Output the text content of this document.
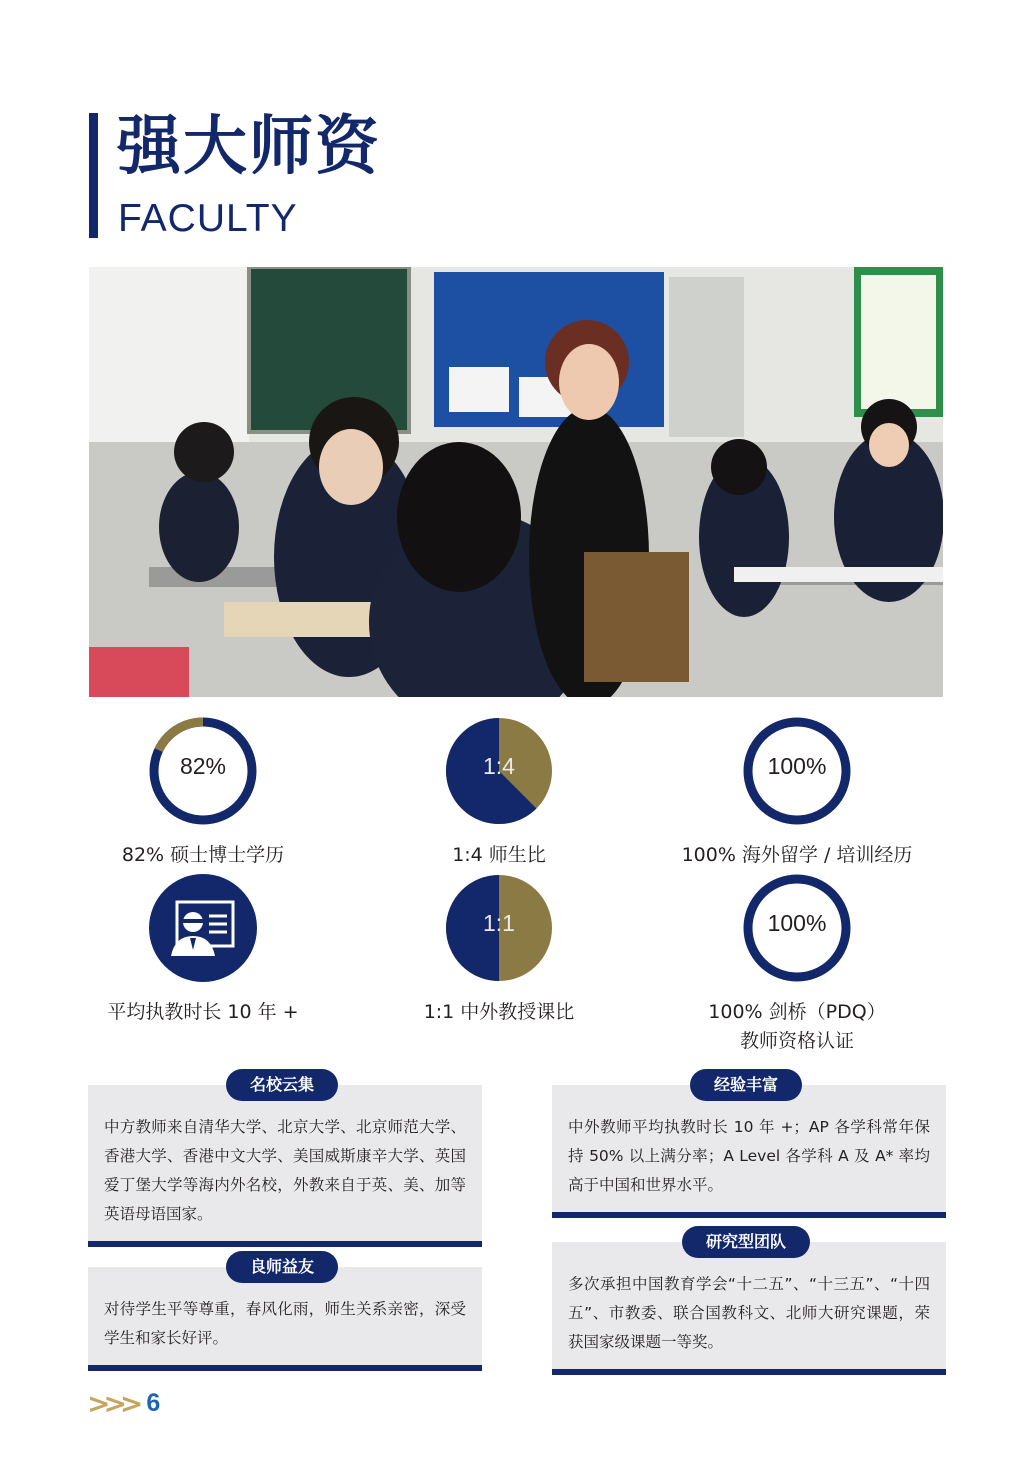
强大师资
FACULTY
82%
82% 硕士博士学历
1:4
1:4 师生比
100%
100% 海外留学 / 培训经历
平均执教时长 10 年 +
1:1
1:1 中外教授课比
100%
100% 剑桥（PDQ）
教师资格认证
名校云集
中方教师来自清华大学、北京大学、北京师范大学、香港大学、香港中文大学、美国威斯康辛大学、英国爱丁堡大学等海内外名校，外教来自于英、美、加等英语母语国家。
经验丰富
中外教师平均执教时长 10 年 +；AP 各学科常年保持 50% 以上满分率；A Level 各学科 A 及 A* 率均高于中国和世界水平。
良师益友
对待学生平等尊重，春风化雨，师生关系亲密，深受学生和家长好评。
研究型团队
多次承担中国教育学会“十二五”、“十三五”、“十四五”、市教委、联合国教科文、北师大研究课题，荣获国家级课题一等奖。
>>> 6
